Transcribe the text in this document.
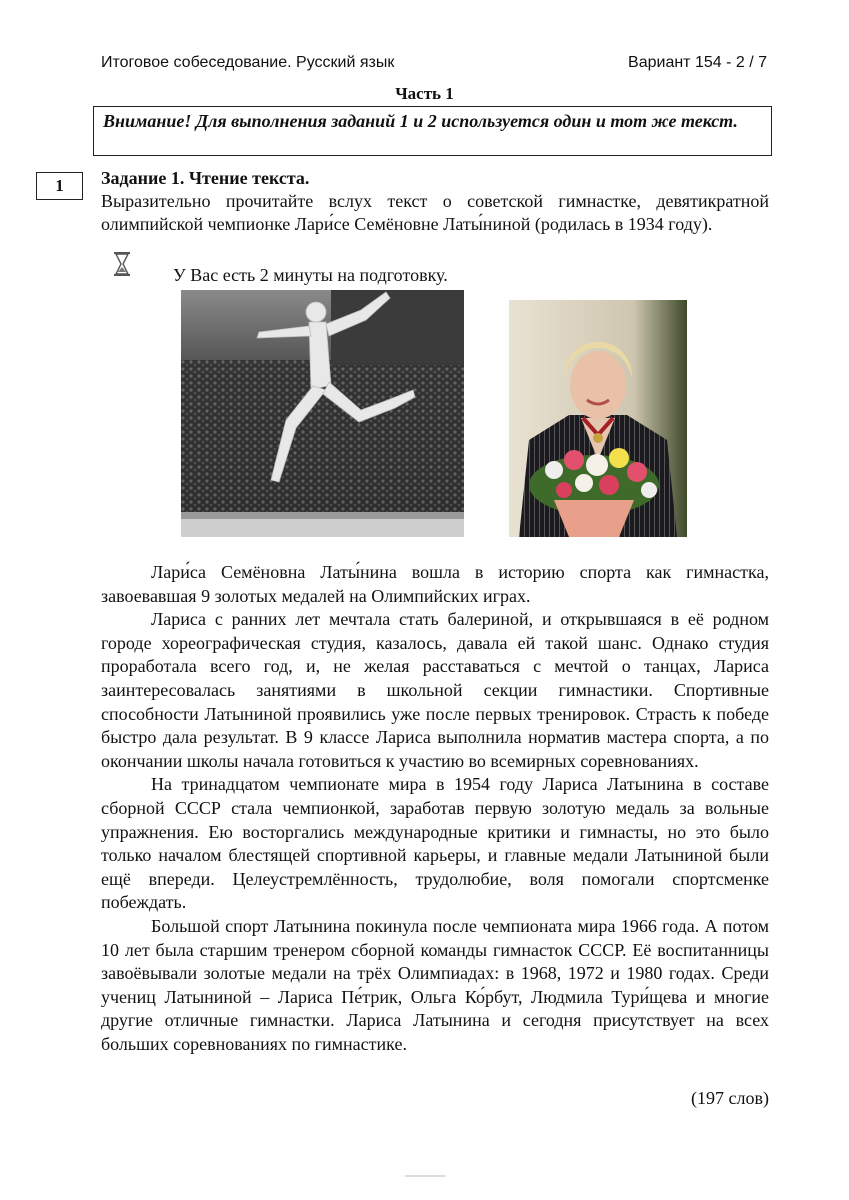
Итоговое собеседование. Русский язык	Вариант 154 - 2 / 7
Часть 1
Внимание! Для выполнения заданий 1 и 2 используется один и тот же текст.
1	Задание 1. Чтение текста.
Выразительно прочитайте вслух текст о советской гимнастке, девятикратной олимпийской чемпионке Лари́се Семёновне Латы́ниной (родилась в 1934 году).
У Вас есть 2 минуты на подготовку.

Лари́са Семёновна Латы́нина вошла в историю спорта как гимнастка, завоевавшая 9 золотых медалей на Олимпийских играх.

Лариса с ранних лет мечтала стать балериной, и открывшаяся в её родном городе хореографическая студия, казалось, давала ей такой шанс. Однако студия проработала всего год, и, не желая расставаться с мечтой о танцах, Лариса заинтересовалась занятиями в школьной секции гимнастики. Спортивные способности Латыниной проявились уже после первых тренировок. Страсть к победе быстро дала результат. В 9 классе Лариса выполнила норматив мастера спорта, а по окончании школы начала готовиться к участию во всемирных соревнованиях.

На тринадцатом чемпионате мира в 1954 году Лариса Латынина в составе сборной СССР стала чемпионкой, заработав первую золотую медаль за вольные упражнения. Ею восторгались международные критики и гимнасты, но это было только началом блестящей спортивной карьеры, и главные медали Латыниной были ещё впереди. Целеустремлённость, трудолюбие, воля помогали спортсменке побеждать.

Большой спорт Латынина покинула после чемпионата мира 1966 года. А потом 10 лет была старшим тренером сборной команды гимнасток СССР. Её воспитанницы завоёвывали золотые медали на трёх Олимпиадах: в 1968, 1972 и 1980 годах. Среди учениц Латыниной – Лариса Пе́трик, Ольга Ко́рбут, Людмила Тури́щева и многие другие отличные гимнастки. Лариса Латынина и сегодня присутствует на всех больших соревнованиях по гимнастике.

(197 слов)
